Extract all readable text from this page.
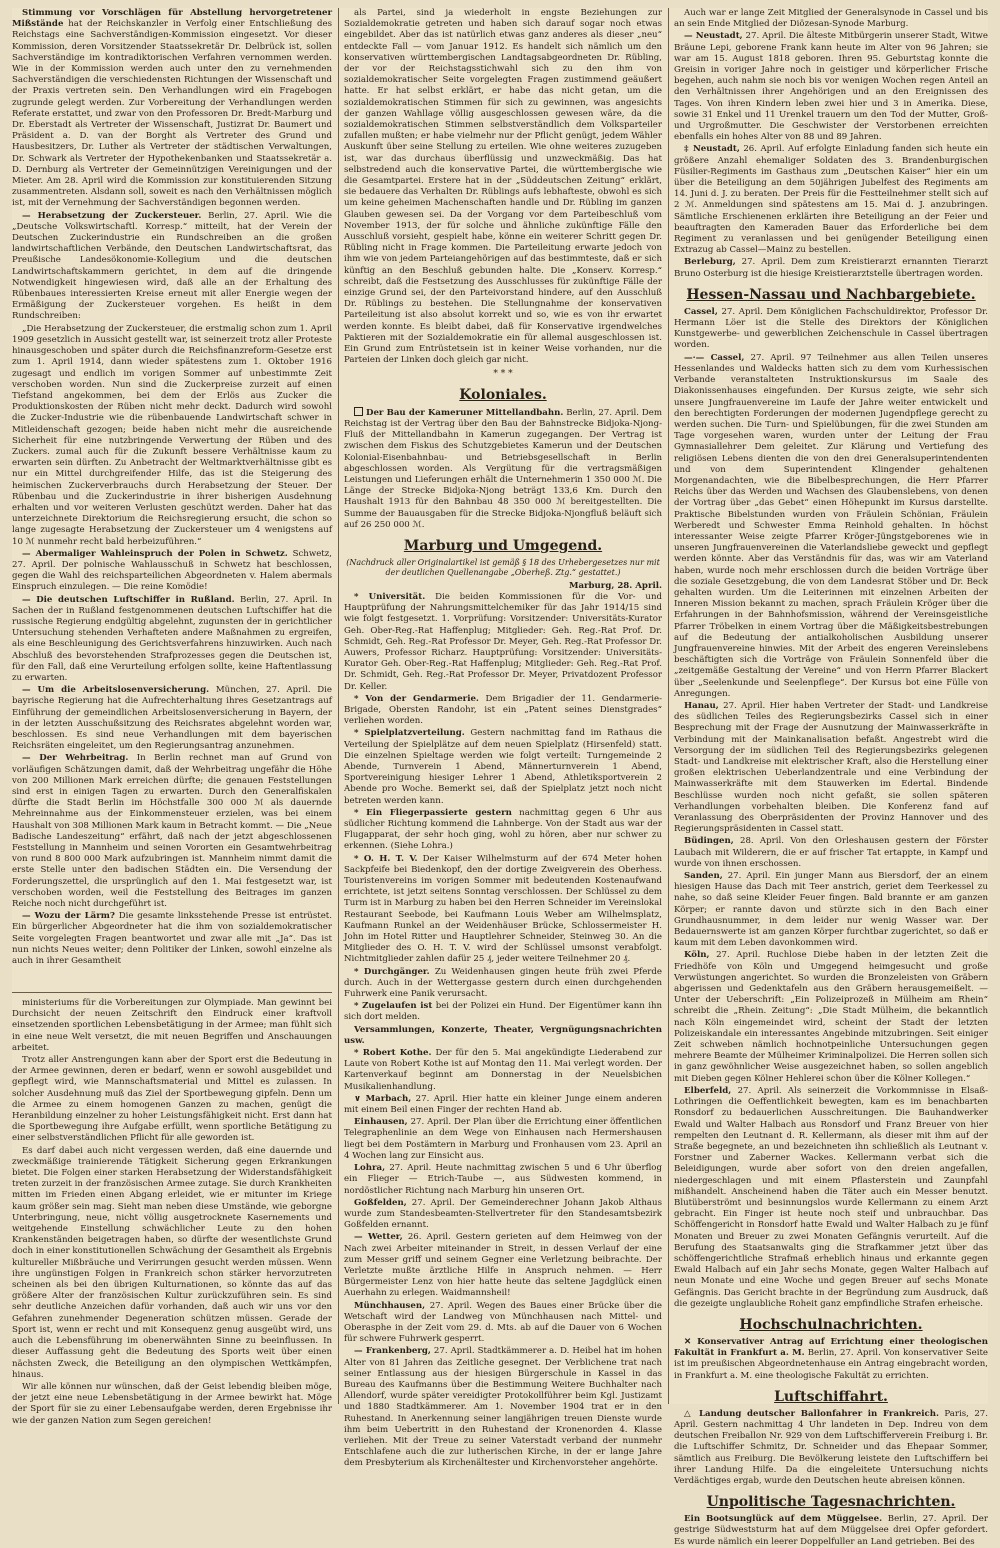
Stimmung vor Vorschlägen für Abstellung hervorgetretener Mißstände hat der Reichskanzler in Verfolg einer Entschließung des Reichstags eine Sachverständigen-Kommission eingesetzt. Vor dieser Kommission, deren Vorsitzender Staatssekretär Dr. Delbrück ist, sollen Sachverständige im kontradiktorischen Verfahren vernommen werden. Wie in der Kommission werden auch unter den zu vernehmenden Sachverständigen die verschiedensten Richtungen der Wissenschaft und der Praxis vertreten sein. Den Verhandlungen wird ein Fragebogen zugrunde gelegt werden. Zur Vorbereitung der Verhandlungen werden Referate erstattet, und zwar von den Professoren Dr. Bredt-Marburg und Dr. Eberstadt als Vertreter der Wissenschaft, Justizrat Dr. Baumert und Präsident a. D. van der Borght als Vertreter des Grund und Hausbesitzers, Dr. Luther als Vertreter der städtischen Verwaltungen, Dr. Schwark als Vertreter der Hypothekenbanken und Staatssekretär a. D. Dernburg als Vertreter der Gemeinnützigen Vereinigungen und der Mieter. Am 28. April wird die Kommission zur konstituierenden Sitzung zusammentreten. Alsdann soll, soweit es nach den Verhältnissen möglich ist, mit der Vernehmung der Sachverständigen begonnen werden.

— Herabsetzung der Zuckersteuer. Berlin, 27. April. Wie die „Deutsche Volkswirtschaftl. Korresp.“ mitteilt, hat der Verein der Deutschen Zuckerindustrie ein Rundschreiben an die großen landwirtschaftlichen Verbände, den Deutschen Landwirtschaftsrat, das Preußische Landesökonomie-Kollegium und die deutschen Landwirtschaftskammern gerichtet, in dem auf die dringende Notwendigkeit hingewiesen wird, daß alle an der Erhaltung des Rübenbaues interessierten Kreise erneut mit aller Energie wegen der Ermäßigung der Zuckersteuer vorgehen. Es heißt in dem Rundschreiben:

„Die Herabsetzung der Zuckersteuer, die erstmalig schon zum 1. April 1909 gesetzlich in Aussicht gestellt war, ist seinerzeit trotz aller Proteste hinausgeschoben und später durch die Reichsfinanzreform-Gesetze erst zum 1. April 1914, dann wieder spätestens zum 1. Oktober 1916 zugesagt und endlich im vorigen Sommer auf unbestimmte Zeit verschoben worden. Nun sind die Zuckerpreise zurzeit auf einen Tiefstand angekommen, bei dem der Erlös aus Zucker die Produktionskosten der Rüben nicht mehr deckt. Dadurch wird sowohl die Zucker-Industrie wie die rübenbauende Landwirtschaft schwer in Mitleidenschaft gezogen; beide haben nicht mehr die ausreichende Sicherheit für eine nutzbringende Verwertung der Rüben und des Zuckers. zumal auch für die Zukunft bessere Verhältnisse kaum zu erwarten sein dürften. Zu Anbetracht der Weltmarktverhältnisse gibt es nur ein Mittel durchgreifender Hilfe, das ist die Steigerung des heimischen Zuckerverbrauchs durch Herabsetzung der Steuer. Der Rübenbau und die Zuckerindustrie in ihrer bisherigen Ausdehnung erhalten und vor weiteren Verlusten geschützt werden. Daher hat das unterzeichnete Direktorium die Reichsregierung ersucht, die schon so lange zugesagte Herabsetzung der Zuckersteuer um 4 wenigstens auf 10 ℳ nunmehr recht bald herbeizuführen.“

— Abermaliger Wahleinspruch der Polen in Schwetz. Schwetz, 27. April. Der polnische Wahlausschuß in Schwetz hat beschlossen, gegen die Wahl des reichsparteilichen Abgeordneten v. Halem abermals Einspruch einzulegen. — Die reine Komödie!

— Die deutschen Luftschiffer in Rußland. Berlin, 27. April. In Sachen der in Rußland festgenommenen deutschen Luftschiffer hat die russische Regierung endgültig abgelehnt, zugunsten der in gerichtlicher Untersuchung stehenden Verhafteten andere Maßnahmen zu ergreifen, als eine Beschleunigung des Gerichtsverfahrens hinzuwirken. Auch nach Abschluß des bevorstehenden Strafprozesses gegen die Deutschen ist, für den Fall, daß eine Verurteilung erfolgen sollte, keine Haftentlassung zu erwarten.

— Um die Arbeitslosenversicherung. München, 27. April. Die bayrische Regierung hat die Aufrechterhaltung ihres Gesetzantrags auf Einführung der gemeindlichen Arbeitslosenversicherung in Bayern, der in der letzten Ausschußsitzung des Reichsrates abgelehnt worden war, beschlossen. Es sind neue Verhandlungen mit dem bayerischen Reichsräten eingeleitet, um den Regierungsantrag anzunehmen.

— Der Wehrbeitrag. In Berlin rechnet man auf Grund von vorläufigen Schätzungen damit, daß der Wehrbeitrag ungefähr die Höhe von 200 Millionen Mark erreichen dürfte; die genauen Feststellungen sind erst in einigen Tagen zu erwarten. Durch den Generalfiskalen dürfte die Stadt Berlin im Höchstfalle 300 000 ℳ als dauernde Mehreinnahme aus der Einkommensteuer erzielen, was bei einem Haushalt von 308 Millionen Mark kaum in Betracht kommt. — Die „Neue Badische Landeszeitung“ erfährt, daß nach der jetzt abgeschlossenen Feststellung in Mannheim und seinen Vororten ein Gesamtwehrbeitrag von rund 8 800 000 Mark aufzubringen ist. Mannheim nimmt damit die erste Stelle unter den badischen Städten ein. Die Versendung der Forderungszettel, die ursprünglich auf den 1. Mai festgesetzt war, ist verschoben worden, weil die Feststellung des Beitrages im ganzen Reiche noch nicht durchgeführt ist.

— Wozu der Lärm? Die gesamte linksstehende Presse ist entrüstet. Ein bürgerlicher Abgeordneter hat die ihm von sozialdemokratischer Seite vorgelegten Fragen beantwortet und zwar alle mit „Ja“. Das ist nun nichts Neues weiter; denn Politiker der Linken, sowohl einzelne als auch in ihrer Gesamtheit

ministeriums für die Vorbereitungen zur Olympiade. Man gewinnt bei Durchsicht der neuen Zeitschrift den Eindruck einer kraftvoll einsetzenden sportlichen Lebensbetätigung in der Armee; man fühlt sich in eine neue Welt versetzt, die mit neuen Begriffen und Anschauungen arbeitet.

Trotz aller Anstrengungen kann aber der Sport erst die Bedeutung in der Armee gewinnen, deren er bedarf, wenn er sowohl ausgebildet und gepflegt wird, wie Mannschaftsmaterial und Mittel es zulassen. In solcher Ausdehnung muß das Ziel der Sportbewegung gipfeln. Denn um die Armee zu einem homogenen Ganzen zu machen, genügt die Heranbildung einzelner zu hoher Leistungsfähigkeit nicht. Erst dann hat die Sportbewegung ihre Aufgabe erfüllt, wenn sportliche Betätigung zu einer selbstverständlichen Pflicht für alle geworden ist.

Es darf dabei auch nicht vergessen werden, daß eine dauernde und zweckmäßige trainierende Tätigkeit Sicherung gegen Erkrankungen bietet. Die Folgen einer starken Herabsetzung der Widerstandsfähigkeit treten zurzeit in der französischen Armee zutage. Sie durch Krankheiten mitten im Frieden einen Abgang erleidet, wie er mitunter im Kriege kaum größer sein mag. Sieht man neben diese Umstände, wie geborgne Unterbringung, neue, nicht völlig ausgetrocknete Kasernements und weitgehende Einstellung schwächlicher Leute zu den hohen Krankenständen beigetragen haben, so dürfte der wesentlichste Grund doch in einer konstitutionellen Schwächung der Gesamtheit als Ergebnis kultureller Mißbräuche und Verirrungen gesucht werden müssen. Wenn ihre ungünstigen Folgen in Frankreich schon stärker hervorzutreten scheinen als bei den übrigen Kulturnationen, so könnte das auf das größere Alter der französischen Kultur zurückzuführen sein. Es sind sehr deutliche Anzeichen dafür vorhanden, daß auch wir uns vor den Gefahren zunehmender Degeneration schützen müssen. Gerade der Sport ist, wenn er recht und mit Konsequenz genug ausgeübt wird, uns auch die Lebensführung im obenerwähnten Sinne zu beeinflussen. In dieser Auffassung geht die Bedeutung des Sports weit über einen nächsten Zweck, die Beteiligung an den olympischen Wettkämpfen, hinaus.

Wir alle können nur wünschen, daß der Geist lebendig bleiben möge, der jetzt eine neue Lebensbetätigung in der Armee bewirkt hat. Möge der Sport für sie zu einer Lebensaufgabe werden, deren Ergebnisse ihr wie der ganzen Nation zum Segen gereichen!

als Partei, sind ja wiederholt in engste Beziehungen zur Sozialdemokratie getreten und haben sich darauf sogar noch etwas eingebildet. Aber das ist natürlich etwas ganz anderes als dieser „neu“ entdeckte Fall — vom Januar 1912. Es handelt sich nämlich um den konservativen württembergischen Landtagsabgeordneten Dr. Rübling, der vor der Reichstagsstichwahl sich zu den ihm von sozialdemokratischer Seite vorgelegten Fragen zustimmend geäußert hatte. Er hat selbst erklärt, er habe das nicht getan, um die sozialdemokratischen Stimmen für sich zu gewinnen, was angesichts der ganzen Wahllage völlig ausgeschlossen gewesen wäre, da die sozialdemokratischen Stimmen selbstverständlich dem Volksparteiler zufallen mußten; er habe vielmehr nur der Pflicht genügt, jedem Wähler Auskunft über seine Stellung zu erteilen. Wie ohne weiteres zuzugeben ist, war das durchaus überflüssig und unzweckmäßig. Das hat selbstredend auch die konservative Partei, die württembergische wie die Gesamtpartei. Erstere hat in der „Süddeutschen Zeitung“ erklärt, sie bedauere das Verhalten Dr. Rüblings aufs lebhafteste, obwohl es sich um keine geheimen Machenschaften handle und Dr. Rübling im ganzen Glauben gewesen sei. Da der Vorgang vor dem Parteibeschluß vom November 1913, der für solche und ähnliche zukünftige Fälle den Ausschluß vorsieht, gespielt habe, könne ein weiterer Schritt gegen Dr. Rübling nicht in Frage kommen. Die Parteileitung erwarte jedoch von ihm wie von jedem Parteiangehörigen auf das bestimmteste, daß er sich künftig an den Beschluß gebunden halte. Die „Konserv. Korresp.“ schreibt, daß die Festsetzung des Ausschlusses für zukünftige Fälle der einzige Grund sei, der den Parteivorstand hindere, auf den Ausschluß Dr. Rüblings zu bestehen. Die Stellungnahme der konservativen Parteileitung ist also absolut korrekt und so, wie es von ihr erwartet werden konnte. Es bleibt dabei, daß für Konservative irgendwelches Paktieren mit der Sozialdemokratie ein für allemal ausgeschlossen ist. Ein Grund zum Entrüstetsein ist in keiner Weise vorhanden, nur die Parteien der Linken doch gleich gar nicht.

* * *
Koloniales.

Der Bau der Kameruner Mittellandbahn. Berlin, 27. April. Dem Reichstag ist der Vertrag über den Bau der Bahnstrecke Bidjoka-Njong-Fluß der Mittellandbahn in Kamerun zugegangen. Der Vertrag ist zwischen dem Fiskus des Schutzgebietes Kamerun und der Deutschen Kolonial-Eisenbahnbau- und Betriebsgesellschaft in Berlin abgeschlossen worden. Als Vergütung für die vertragsmäßigen Leistungen und Lieferungen erhält die Unternehmerin 1 350 000 ℳ. Die Länge der Strecke Bidjoka-Njong beträgt 133,6 Km. Durch den Haushalt 1913 für den Bahnbau 48 350 000 ℳ bereitgestellten. Die Summe der Bauausgaben für die Strecke Bidjoka-Njongfluß beläuft sich auf 26 250 000 ℳ.

Marburg und Umgegend.
(Nachdruck aller Originalartikel ist gemäß § 18 des Urhebergesetzes nur mit der deutlichen Quellenangabe „Oberheß. Ztg.“ gestattet.)
Marburg, 28. April.

* Universität. Die beiden Kommissionen für die Vor- und Hauptprüfung der Nahrungsmittelchemiker für das Jahr 1914/15 sind wie folgt festgesetzt. 1. Vorprüfung: Vorsitzender: Universitäts-Kurator Geh. Ober-Reg.-Rat Haffenplug; Mitglieder: Geh. Reg.-Rat Prof. Dr. Schmidt, Geh. Reg.-Rat Professor Dr. Meyer, Geh. Reg.-Rat Professor Dr. Auwers, Professor Richarz. Hauptprüfung: Vorsitzender: Universitäts-Kurator Geh. Ober-Reg.-Rat Haffenplug; Mitglieder: Geh. Reg.-Rat Prof. Dr. Schmidt, Geh. Reg.-Rat Professor Dr. Meyer, Privatdozent Professor Dr. Keller.

* Von der Gendarmerie. Dem Brigadier der 11. Gendarmerie-Brigade, Obersten Randohr, ist ein „Patent seines Dienstgrades“ verliehen worden.

* Spielplatzverteilung. Gestern nachmittag fand im Rathaus die Verteilung der Spielplätze auf dem neuen Spielplatz (Hirsenfeld) statt. Die einzelnen Spieltage werden wie folgt verteilt: Turngemeinde 2 Abende, Turnverein 1 Abend, Männerturnverein 1 Abend, Sportvereinigung hiesiger Lehrer 1 Abend, Athletiksportverein 2 Abende pro Woche. Bemerkt sei, daß der Spielplatz jetzt noch nicht betreten werden kann.

* Ein Fliegerpassierte gestern nachmittag gegen 6 Uhr aus südlicher Richtung kommend die Lahnberge. Von der Stadt aus war der Flugapparat, der sehr hoch ging, wohl zu hören, aber nur schwer zu erkennen. (Siehe Lohra.)

* O. H. T. V. Der Kaiser Wilhelmsturm auf der 674 Meter hohen Sackpfeife bei Biedenkopf, den der dortige Zweigverein des Oberhess. Touristenvereins im vorigen Sommer mit bedeutenden Kostenaufwand errichtete, ist jetzt seitens Sonntag verschlossen. Der Schlüssel zu dem Turm ist in Marburg zu haben bei den Herren Schneider im Vereinslokal Restaurant Seebode, bei Kaufmann Louis Weber am Wilhelmsplatz, Kaufmann Runkel an der Weidenhäuser Brücke, Schlossermeister H. John im Hotel Ritter und Hauptlehrer Schneider, Steinweg 30. An die Mitglieder des O. H. T. V. wird der Schlüssel umsonst verabfolgt. Nichtmitglieder zahlen dafür 25 ₰, jeder weitere Teilnehmer 20 ₰.

* Durchgänger. Zu Weidenhausen gingen heute früh zwei Pferde durch. Auch in der Wettergasse gestern durch einen durchgehenden Fuhrwerk eine Panik verursacht.

* Zugelaufen ist bei der Polizei ein Hund. Der Eigentümer kann ihn sich dort melden.

Versammlungen, Konzerte, Theater, Vergnügungsnachrichten usw.

* Robert Kothe. Der für den 5. Mai angekündigte Liederabend zur Laute von Robert Kothe ist auf Montag den 11. Mai verlegt worden. Der Kartenverkauf beginnt am Donnerstag in der Neuelsbichen Musikalienhandlung.

∨ Marbach, 27. April. Hier hatte ein kleiner Junge einem anderen mit einem Beil einen Finger der rechten Hand ab.

Einhausen, 27. April. Der Plan über die Errichtung einer öffentlichen Telegraphenlinie an dem Wege von Einhausen nach Hermershausen liegt bei dem Postämtern in Marburg und Fronhausen vom 23. April an 4 Wochen lang zur Einsicht aus.

Lohra, 27. April. Heute nachmittag zwischen 5 und 6 Uhr überflog ein Flieger — Etrich-Taube —, aus Südwesten kommend, in nordöstlicher Richtung nach Marburg hin unseren Ort.

Goßfelden, 27. April. Der Gemeinderechner Johann Jakob Althaus wurde zum Standesbeamten-Stellvertreter für den Standesamtsbezirk Goßfelden ernannt.

— Wetter, 26. April. Gestern gerieten auf dem Heimweg von der Nach zwei Arbeiter miteinander in Streit, in dessen Verlauf der eine zum Messer griff und seinem Gegner eine Verletzung beibrachte. Der Verletzte mußte ärztliche Hilfe in Anspruch nehmen. — Herr Bürgermeister Lenz von hier hatte heute das seltene Jagdglück einen Auerhahn zu erlegen. Waidmannsheil!

Münchhausen, 27. April. Wegen des Baues einer Brücke über die Wetschaft wird der Landweg von Münchhausen nach Mittel- und Oberasphe in der Zeit vom 29. d. Mts. ab auf die Dauer von 6 Wochen für schwere Fuhrwerk gesperrt.

— Frankenberg, 27. April. Stadtkämmerer a. D. Heibel hat im hohen Alter von 81 Jahren das Zeitliche gesegnet. Der Verblichene trat nach seiner Entlassung aus der hiesigen Bürgerschule in Kassel in das Bureau des Kaufmanns über die Bestimmung Weitere Buchhalter nach Allendorf, wurde später vereidigter Protokollführer beim Kgl. Justizamt und 1880 Stadtkämmerer. Am 1. November 1904 trat er in den Ruhestand. In Anerkennung seiner langjährigen treuen Dienste wurde ihm beim Uebertritt in den Ruhestand der Kronenorden 4. Klasse verliehen. Mit der Treue zu seiner Vaterstadt verband der nunmehr Entschlafene auch die zur lutherischen Kirche, in der er lange Jahre dem Presbyterium als Kirchenältester und Kirchenvorsteher angehörte.

Auch war er lange Zeit Mitglied der Generalsynode in Cassel und bis an sein Ende Mitglied der Diözesan-Synode Marburg.

— Neustadt, 27. April. Die älteste Mitbürgerin unserer Stadt, Witwe Bräune Lepi, geborene Frank kann heute im Alter von 96 Jahren; sie war am 15. August 1818 geboren. Ihren 95. Geburtstag konnte die Greisin in voriger Jahre noch in geistiger und körperlicher Frische begehen, auch nahm sie noch bis vor wenigen Wochen regen Anteil an den Verhältnissen ihrer Angehörigen und an den Ereignissen des Tages. Von ihren Kindern leben zwei hier und 3 in Amerika. Diese, sowie 31 Enkel und 11 Urenkel trauern um den Tod der Mutter, Groß- und Urgroßmutter. Die Geschwister der Verstorbenen erreichten ebenfalls ein hohes Alter von 88 und 89 Jahren.

‡ Neustadt, 26. April. Auf erfolgte Einladung fanden sich heute ein größere Anzahl ehemaliger Soldaten des 3. Brandenburgischen Füsilier-Regiments im Gasthaus zum „Deutschen Kaiser“ hier ein um über die Beteiligung an dem 50jährigen Jubelfest des Regiments am 14. Juni d. J. zu beraten. Der Preis für die Festteilnehmer stellt sich auf 2 ℳ. Anmeldungen sind spätestens am 15. Mai d. J. anzubringen. Sämtliche Erschienenen erklärten ihre Beteiligung an der Feier und beauftragten den Kameraden Bauer das Erforderliche bei dem Regiment zu veranlassen und bei genügender Beteiligung einen Extrazug ab Cassel—Mainz zu bestellen.

Berleburg, 27. April. Dem zum Kreistierarzt ernannten Tierarzt Bruno Osterburg ist die hiesige Kreistierarztstelle übertragen worden.

Hessen-Nassau und Nachbargebiete.

Cassel, 27. April. Dem Königlichen Fachschuldirektor, Professor Dr. Hermann Löer ist die Stelle des Direktors der Königlichen Kunstgewerbe- und gewerblichen Zeichenschule in Cassel übertragen worden.

—·— Cassel, 27. April. 97 Teilnehmer aus allen Teilen unseres Hessenlandes und Waldecks hatten sich zu dem vom Kurhessischen Verbande veranstalteten Instruktionskursus im Saale des Diakonissenhauses eingefunden. Der Kursus zeigte, wie sehr sich unsere Jungfrauenvereine im Laufe der Jahre weiter entwickelt und den berechtigten Forderungen der modernen Jugendpflege gerecht zu werden suchen. Die Turn- und Spielübungen, für die zwei Stunden am Tage vorgesehen waren, wurden unter der Leitung der Frau Gymnasiallehrer Dem geleitet. Zur Klärung und Vertiefung des religiösen Lebens dienten die von den drei Generalsuperintendenten und von dem Superintendent Klingender gehaltenen Morgenandachten, wie die Bibelbesprechungen, die Herr Pfarrer Reichs über das Werden und Wachsen des Glaubenslebens, von denen der Vortrag über „das Gebet“ einen Höhepunkt im Kursus darstellte. Praktische Bibelstunden wurden von Fräulein Schönian, Fräulein Werberedt und Schwester Emma Reinhold gehalten. In höchst interessanter Weise zeigte Pfarrer Kröger-Jüngstgeborenes wie in unseren Jungfrauenvereinen die Vaterlandsliebe geweckt und gepflegt werden könnte. Aber das Verständnis für das, was wir am Vaterland haben, wurde noch mehr erschlossen durch die beiden Vorträge über die soziale Gesetzgebung, die von dem Landesrat Stöber und Dr. Beck gehalten wurden. Um die Leiterinnen mit einzelnen Arbeiten der Inneren Mission bekannt zu machen, sprach Fräulein Kröger über die Erfahrungen in der Bahnhofsmission, während der Vereinsgeistliche Pfarrer Tröbelken in einem Vortrag über die Mäßigkeitsbestrebungen auf die Bedeutung der antialkoholischen Ausbildung unserer Jungfrauenvereine hinwies. Mit der Arbeit des engeren Vereinslebens beschäftigten sich die Vorträge von Fräulein Sonnenfeld über die „zeitgemäße Gestaltung der Vereine“ und von Herrn Pfarrer Blackert über „Seelenkunde und Seelenpflege“. Der Kursus bot eine Fülle von Anregungen.

Hanau, 27. April. Hier haben Vertreter der Stadt- und Landkreise des südlichen Teiles des Regierungsbezirks Cassel sich in einer Besprechung mit der Frage der Ausnutzung der Mainwasserkräfte in Verbindung mit der Mainkanalisation befaßt. Angestrebt wird die Versorgung der im südlichen Teil des Regierungsbezirks gelegenen Stadt- und Landkreise mit elektrischer Kraft, also die Herstellung einer großen elektrischen Ueberlandzentrale und eine Verbindung der Mainwasserkräfte mit dem Stauwerken im Edertal. Bindende Beschlüsse wurden noch nicht gefaßt, sie sollen späteren Verhandlungen vorbehalten bleiben. Die Konferenz fand auf Veranlassung des Oberpräsidenten der Provinz Hannover und des Regierungspräsidenten in Cassel statt.

Büdingen, 28. April. Von den Orleshausen gestern der Förster Laubach mit Wilderern, die er auf frischer Tat ertappte, in Kampf und wurde von ihnen erschossen.

Sanden, 27. April. Ein junger Mann aus Biersdorf, der an einem hiesigen Hause das Dach mit Teer anstrich, geriet dem Teerkessel zu nahe, so daß seine Kleider Feuer fingen. Bald brannte er am ganzen Körper; er rannte davon und stürzte sich in den Bach einer Grundhausnummer, in dem leider nur wenig Wasser war. Der Bedauernswerte ist am ganzen Körper furchtbar zugerichtet, so daß er kaum mit dem Leben davonkommen wird.

Köln, 27. April. Ruchlose Diebe haben in der letzten Zeit die Friedhöfe von Köln und Umgegend heimgesucht und große Verwüstungen angerichtet. So wurden die Bronzeleisten von Gräbern abgerissen und Gedenktafeln aus den Gräbern herausgemeißelt. — Unter der Ueberschrift: „Ein Polizeiprozeß in Mülheim am Rhein“ schreibt die „Rhein. Zeitung“: „Die Stadt Mülheim, die bekanntlich nach Köln eingemeindet wird, scheint der Stadt der letzten Polizeiskandale ein interessantes Angebinde mitzubringen. Seit einiger Zeit schweben nämlich hochnotpeinliche Untersuchungen gegen mehrere Beamte der Mülheimer Kriminalpolizei. Die Herren sollen sich in ganz gewöhnlicher Weise ausgezeichnet haben, so sollen angeblich mit Dieben gegen Kölner Hehlerei schon über die Kölner Kollegen.“

Elberfeld, 27. April. Als seinerzeit die Vorkommnisse in Elsaß-Lothringen die Oeffentlichkeit bewegten, kam es im benachbarten Ronsdorf zu bedauerlichen Ausschreitungen. Die Bauhandwerker Ewald und Walter Halbach aus Ronsdorf und Franz Breuer von hier rempelten den Leutnant d. R. Kellermann, als dieser mit ihm auf der Straße begegnete, an und bezeichneten ihn schließlich als Leutnant v. Forstner und Zaberner Wackes. Kellermann verbat sich die Beleidigungen, wurde aber sofort von den dreien angefallen, niedergeschlagen und mit einem Pflasterstein und Zaunpfahl mißhandelt. Anscheinend haben die Täter auch ein Messer benutzt. Blutüberströmt und besinnungslos wurde Kellermann zu einem Arzt gebracht. Ein Finger ist heute noch steif und unbrauchbar. Das Schöffengericht in Ronsdorf hatte Ewald und Walter Halbach zu je fünf Monaten und Breuer zu zwei Monaten Gefängnis verurteilt. Auf die Berufung des Staatsanwalts ging die Strafkammer jetzt über das schöffengerichtliche Strafmaß erheblich hinaus und erkannte gegen Ewald Halbach auf ein Jahr sechs Monate, gegen Walter Halbach auf neun Monate und eine Woche und gegen Breuer auf sechs Monate Gefängnis. Das Gericht brachte in der Begründung zum Ausdruck, daß die gezeigte unglaubliche Roheit ganz empfindliche Strafen erheische.

Hochschulnachrichten.

✕ Konservativer Antrag auf Errichtung einer theologischen Fakultät in Frankfurt a. M. Berlin, 27. April. Von konservativer Seite ist im preußischen Abgeordnetenhause ein Antrag eingebracht worden, in Frankfurt a. M. eine theologische Fakultät zu errichten.

Luftschiffahrt.

△ Landung deutscher Ballonfahrer in Frankreich. Paris, 27. April. Gestern nachmittag 4 Uhr landeten in Dep. Indreu von dem deutschen Freiballon Nr. 929 von dem Luftschifferverein Freiburg i. Br. die Luftschiffer Schmitz, Dr. Schneider und das Ehepaar Sommer, sämtlich aus Freiburg. Die Bevölkerung leistete den Luftschiffern bei ihrer Landung Hilfe. Da die eingeleitete Untersuchung nichts Verdächtiges ergab, wurde den Deutschen heute abreisen können.

Unpolitische Tagesnachrichten.

Ein Bootsunglück auf dem Müggelsee. Berlin, 27. April. Der gestrige Südweststurm hat auf dem Müggelsee drei Opfer gefordert. Es wurde nämlich ein leerer Doppelfuller an Land getrieben. Bei des
